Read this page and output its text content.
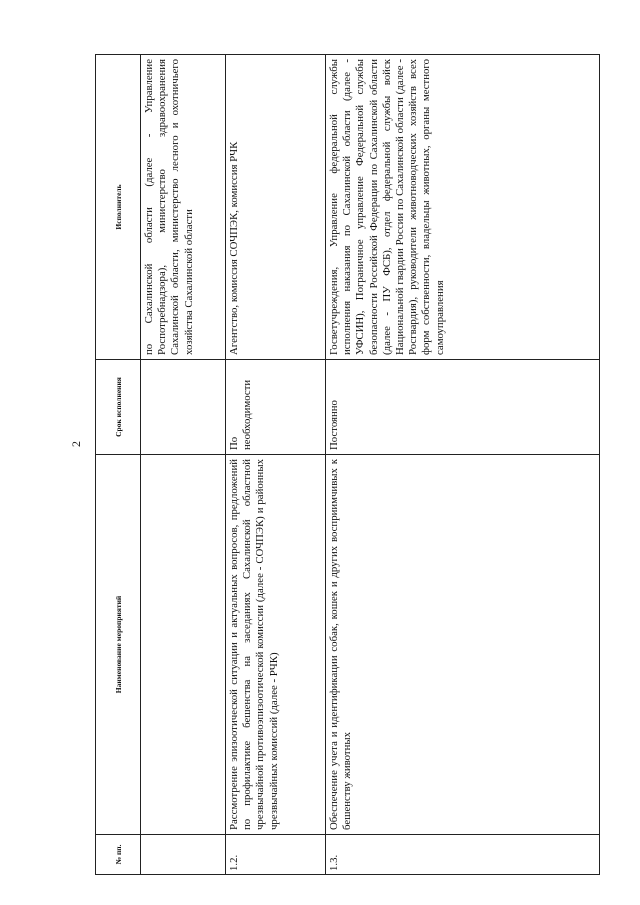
2
№ пп.	Наименование мероприятий	Срок исполнения	Исполнитель
			по Сахалинской области (далее - Управление Роспотребнадзора), министерство здравоохранения Сахалинской области, министерство лесного и охотничьего хозяйства Сахалинской области
1.2.	Рассмотрение эпизоотической ситуации и актуальных вопросов, предложений по профилактике бешенства на заседаниях Сахалинской областной чрезвычайной противоэпизоотической комиссии (далее - СОЧПЭК) и районных чрезвычайных комиссий (далее - РЧК)	По необходимости	Агентство, комиссия СОЧПЭК, комиссия РЧК
1.3.	Обеспечение учета и идентификации собак, кошек и других восприимчивых к бешенству животных	Постоянно	Госветучреждения, Управление федеральной службы исполнения наказания по Сахалинской области (далее - УФСИН), Пограничное управление Федеральной службы безопасности Российской Федерации по Сахалинской области (далее - ПУ ФСБ), отдел федеральной службы войск Национальной гвардии России по Сахалинской области (далее - Росгвардия), руководители животноводческих хозяйств всех форм собственности, владельцы животных, органы местного самоуправления
